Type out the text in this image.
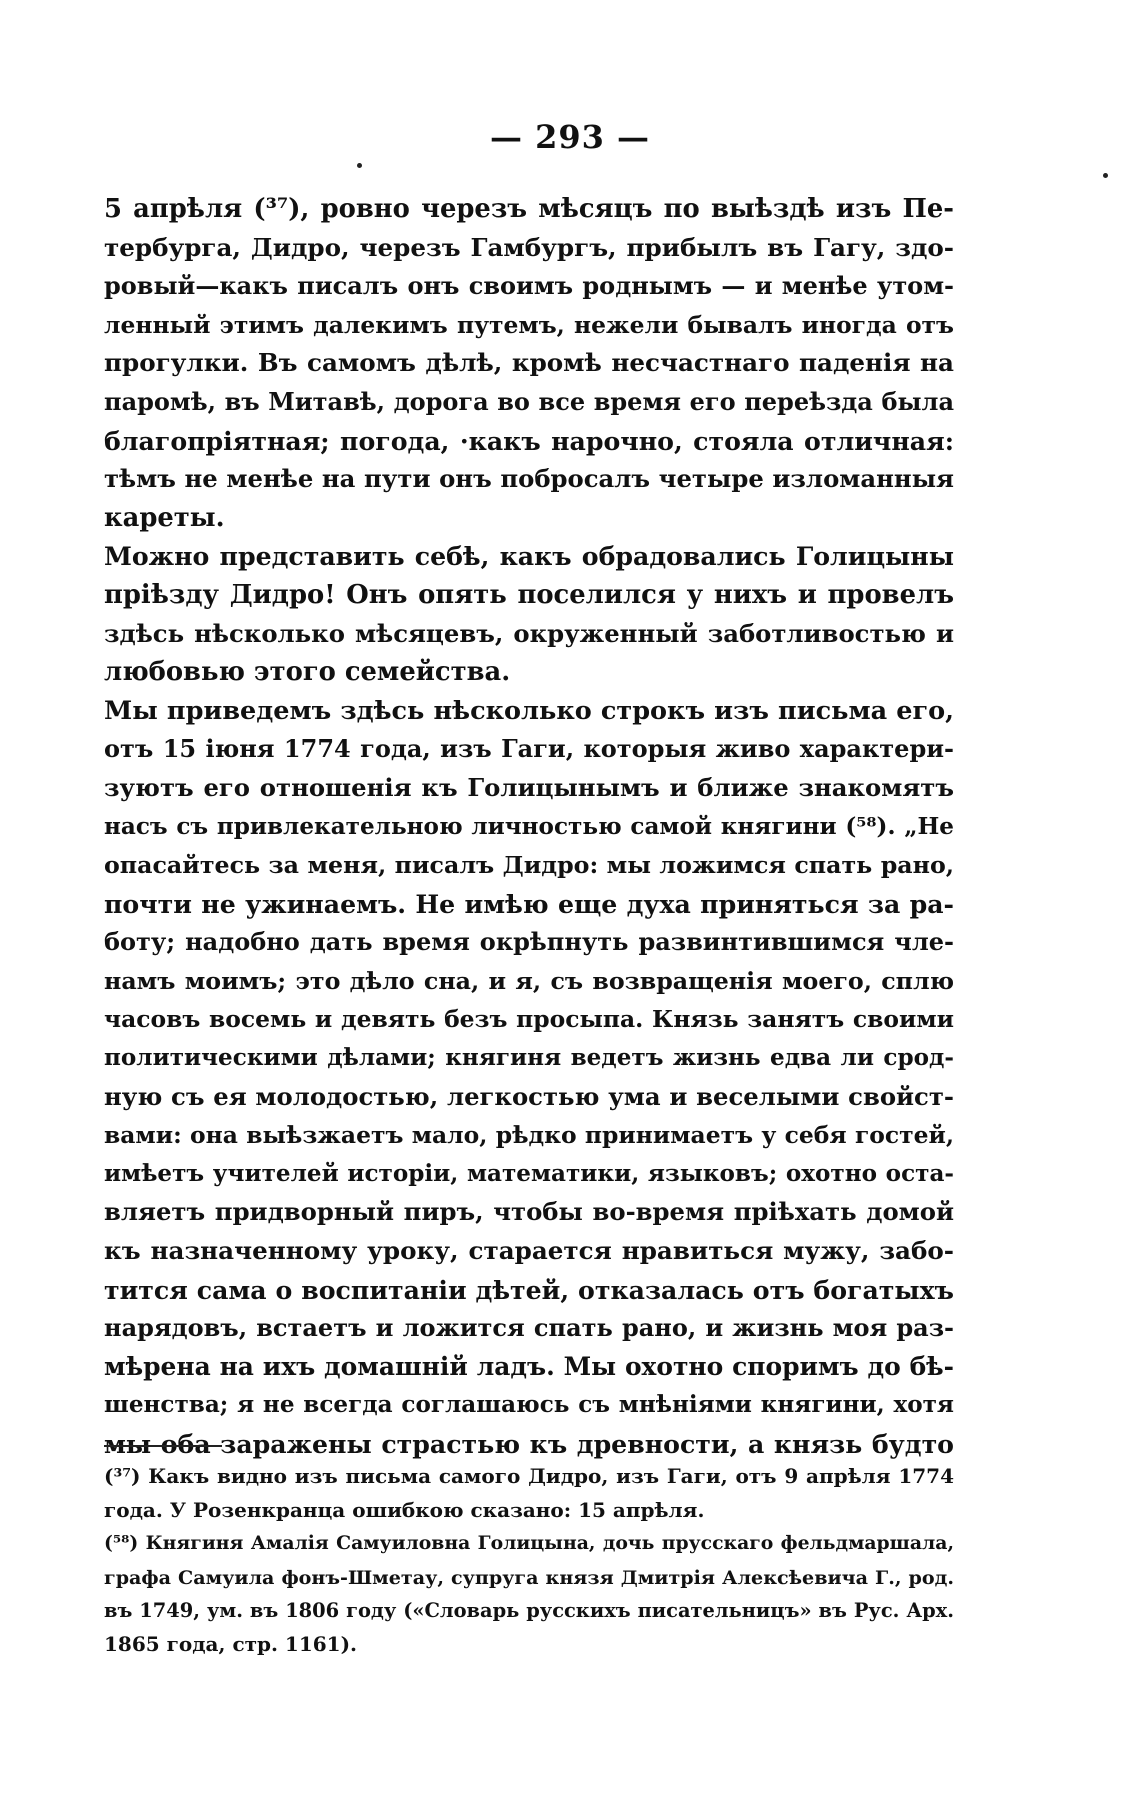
— 293 —

5 апрѣля (³⁷), ровно черезъ мѣсяцъ по выѣздѣ изъ Пе-
тербурга, Дидро, черезъ Гамбургъ, прибылъ въ Гагу, здо-
ровый—какъ писалъ онъ своимъ роднымъ — и менѣе утом-
ленный этимъ далекимъ путемъ, нежели бывалъ иногда отъ
прогулки. Въ самомъ дѣлѣ, кромѣ несчастнаго паденія на
паромѣ, въ Митавѣ, дорога во все время его переѣзда была
благопріятная; погода, ·какъ нарочно, стояла отличная:
тѣмъ не менѣе на пути онъ побросалъ четыре изломанныя
кареты.

Можно представить себѣ, какъ обрадовались Голицыны
пріѣзду Дидро! Онъ опять поселился у нихъ и провелъ
здѣсь нѣсколько мѣсяцевъ, окруженный заботливостью и
любовью этого семейства.

Мы приведемъ здѣсь нѣсколько строкъ изъ письма его,
отъ 15 іюня 1774 года, изъ Гаги, которыя живо характери-
зуютъ его отношенія къ Голицынымъ и ближе знакомятъ
насъ съ привлекательною личностью самой княгини (⁵⁸). „Не
опасайтесь за меня, писалъ Дидро: мы ложимся спать рано,
почти не ужинаемъ. Не имѣю еще духа приняться за ра-
боту; надобно дать время окрѣпнуть развинтившимся чле-
намъ моимъ; это дѣло сна, и я, съ возвращенія моего, сплю
часовъ восемь и девять безъ просыпа. Князь занятъ своими
политическими дѣлами; княгиня ведетъ жизнь едва ли срод-
ную съ ея молодостью, легкостью ума и веселыми свойст-
вами: она выѣзжаетъ мало, рѣдко принимаетъ у себя гостей,
имѣетъ учителей исторіи, математики, языковъ; охотно оста-
вляетъ придворный пиръ, чтобы во-время пріѣхать домой
къ назначенному уроку, старается нравиться мужу, забо-
тится сама о воспитаніи дѣтей, отказалась отъ богатыхъ
нарядовъ, встаетъ и ложится спать рано, и жизнь моя раз-
мѣрена на ихъ домашній ладъ. Мы охотно споримъ до бѣ-
шенства; я не всегда соглашаюсь съ мнѣніями княгини, хотя
мы оба заражены страстью къ древности, а князь будто

(³⁷) Какъ видно изъ письма самого Дидро, изъ Гаги, отъ 9 апрѣля 1774
года. У Розенкранца ошибкою сказано: 15 апрѣля.

(⁵⁸) Княгиня Амалія Самуиловна Голицына, дочь прусскаго фельдмаршала,
графа Самуила фонъ-Шметау, супруга князя Дмитрія Алексѣевича Г., род.
въ 1749, ум. въ 1806 году («Словарь русскихъ писательницъ» въ Рус. Арх.
1865 года, стр. 1161).
